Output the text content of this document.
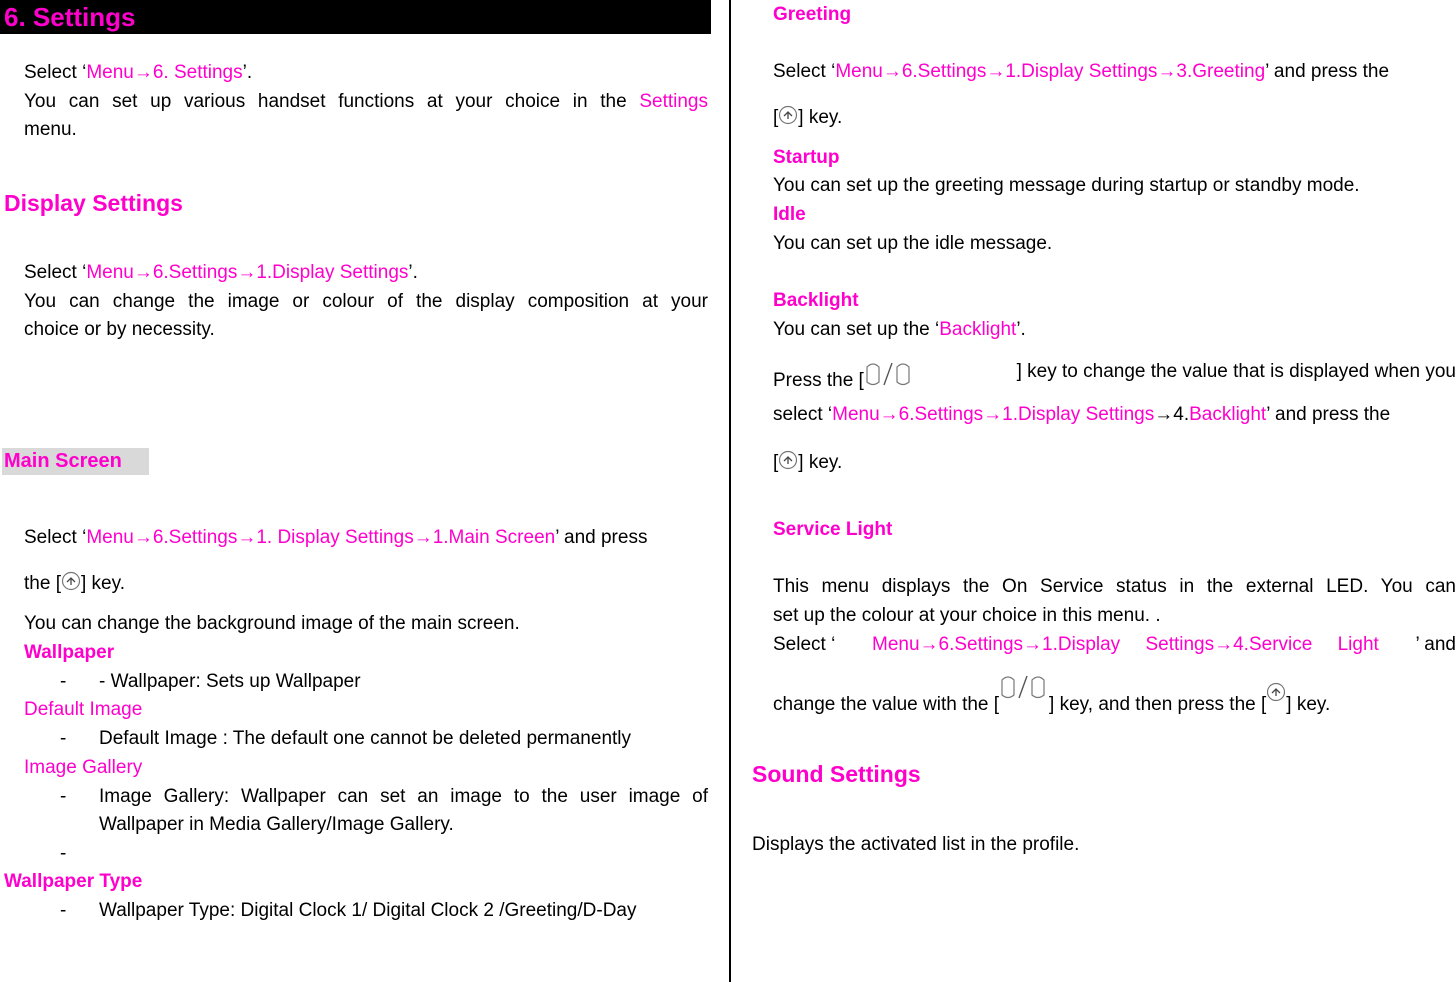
6. Settings
Select ‘Menu→6. Settings’.
You can set up various handset functions at your choice in the Settings
menu.
Display Settings
Select ‘Menu→6.Settings→1.Display Settings’.
You can change the image or colour of the display composition at your
choice or by necessity.
Main Screen
Select ‘Menu→6.Settings→1. Display Settings→1.Main Screen’ and press
the [ ] key.
You can change the background image of the main screen.
Wallpaper
- - Wallpaper: Sets up Wallpaper
Default Image
- Default Image : The default one cannot be deleted permanently
Image Gallery
- Image Gallery: Wallpaper can set an image to the user image of
Wallpaper in Media Gallery/Image Gallery.
-
Wallpaper Type
- Wallpaper Type: Digital Clock 1/ Digital Clock 2 /Greeting/D-Day
Greeting
Select ‘Menu→6.Settings→1.Display Settings→3.Greeting’ and press the
[ ] key.
Startup
You can set up the greeting message during startup or standby mode.
Idle
You can set up the idle message.
Backlight
You can set up the ‘Backlight’.
Press the [	] key to change the value that is displayed when you
select ‘Menu→6.Settings→1.Display Settings→4.Backlight’ and press the
[ ] key.
Service Light
This menu displays the On Service status in the external LED. You can
set up the colour at your choice in this menu. .
Select ‘ Menu→6.Settings→1.Display Settings→4.Service Light ’ and
change the value with the [	] key, and then press the [ ] key.
Sound Settings
Displays the activated list in the profile.
